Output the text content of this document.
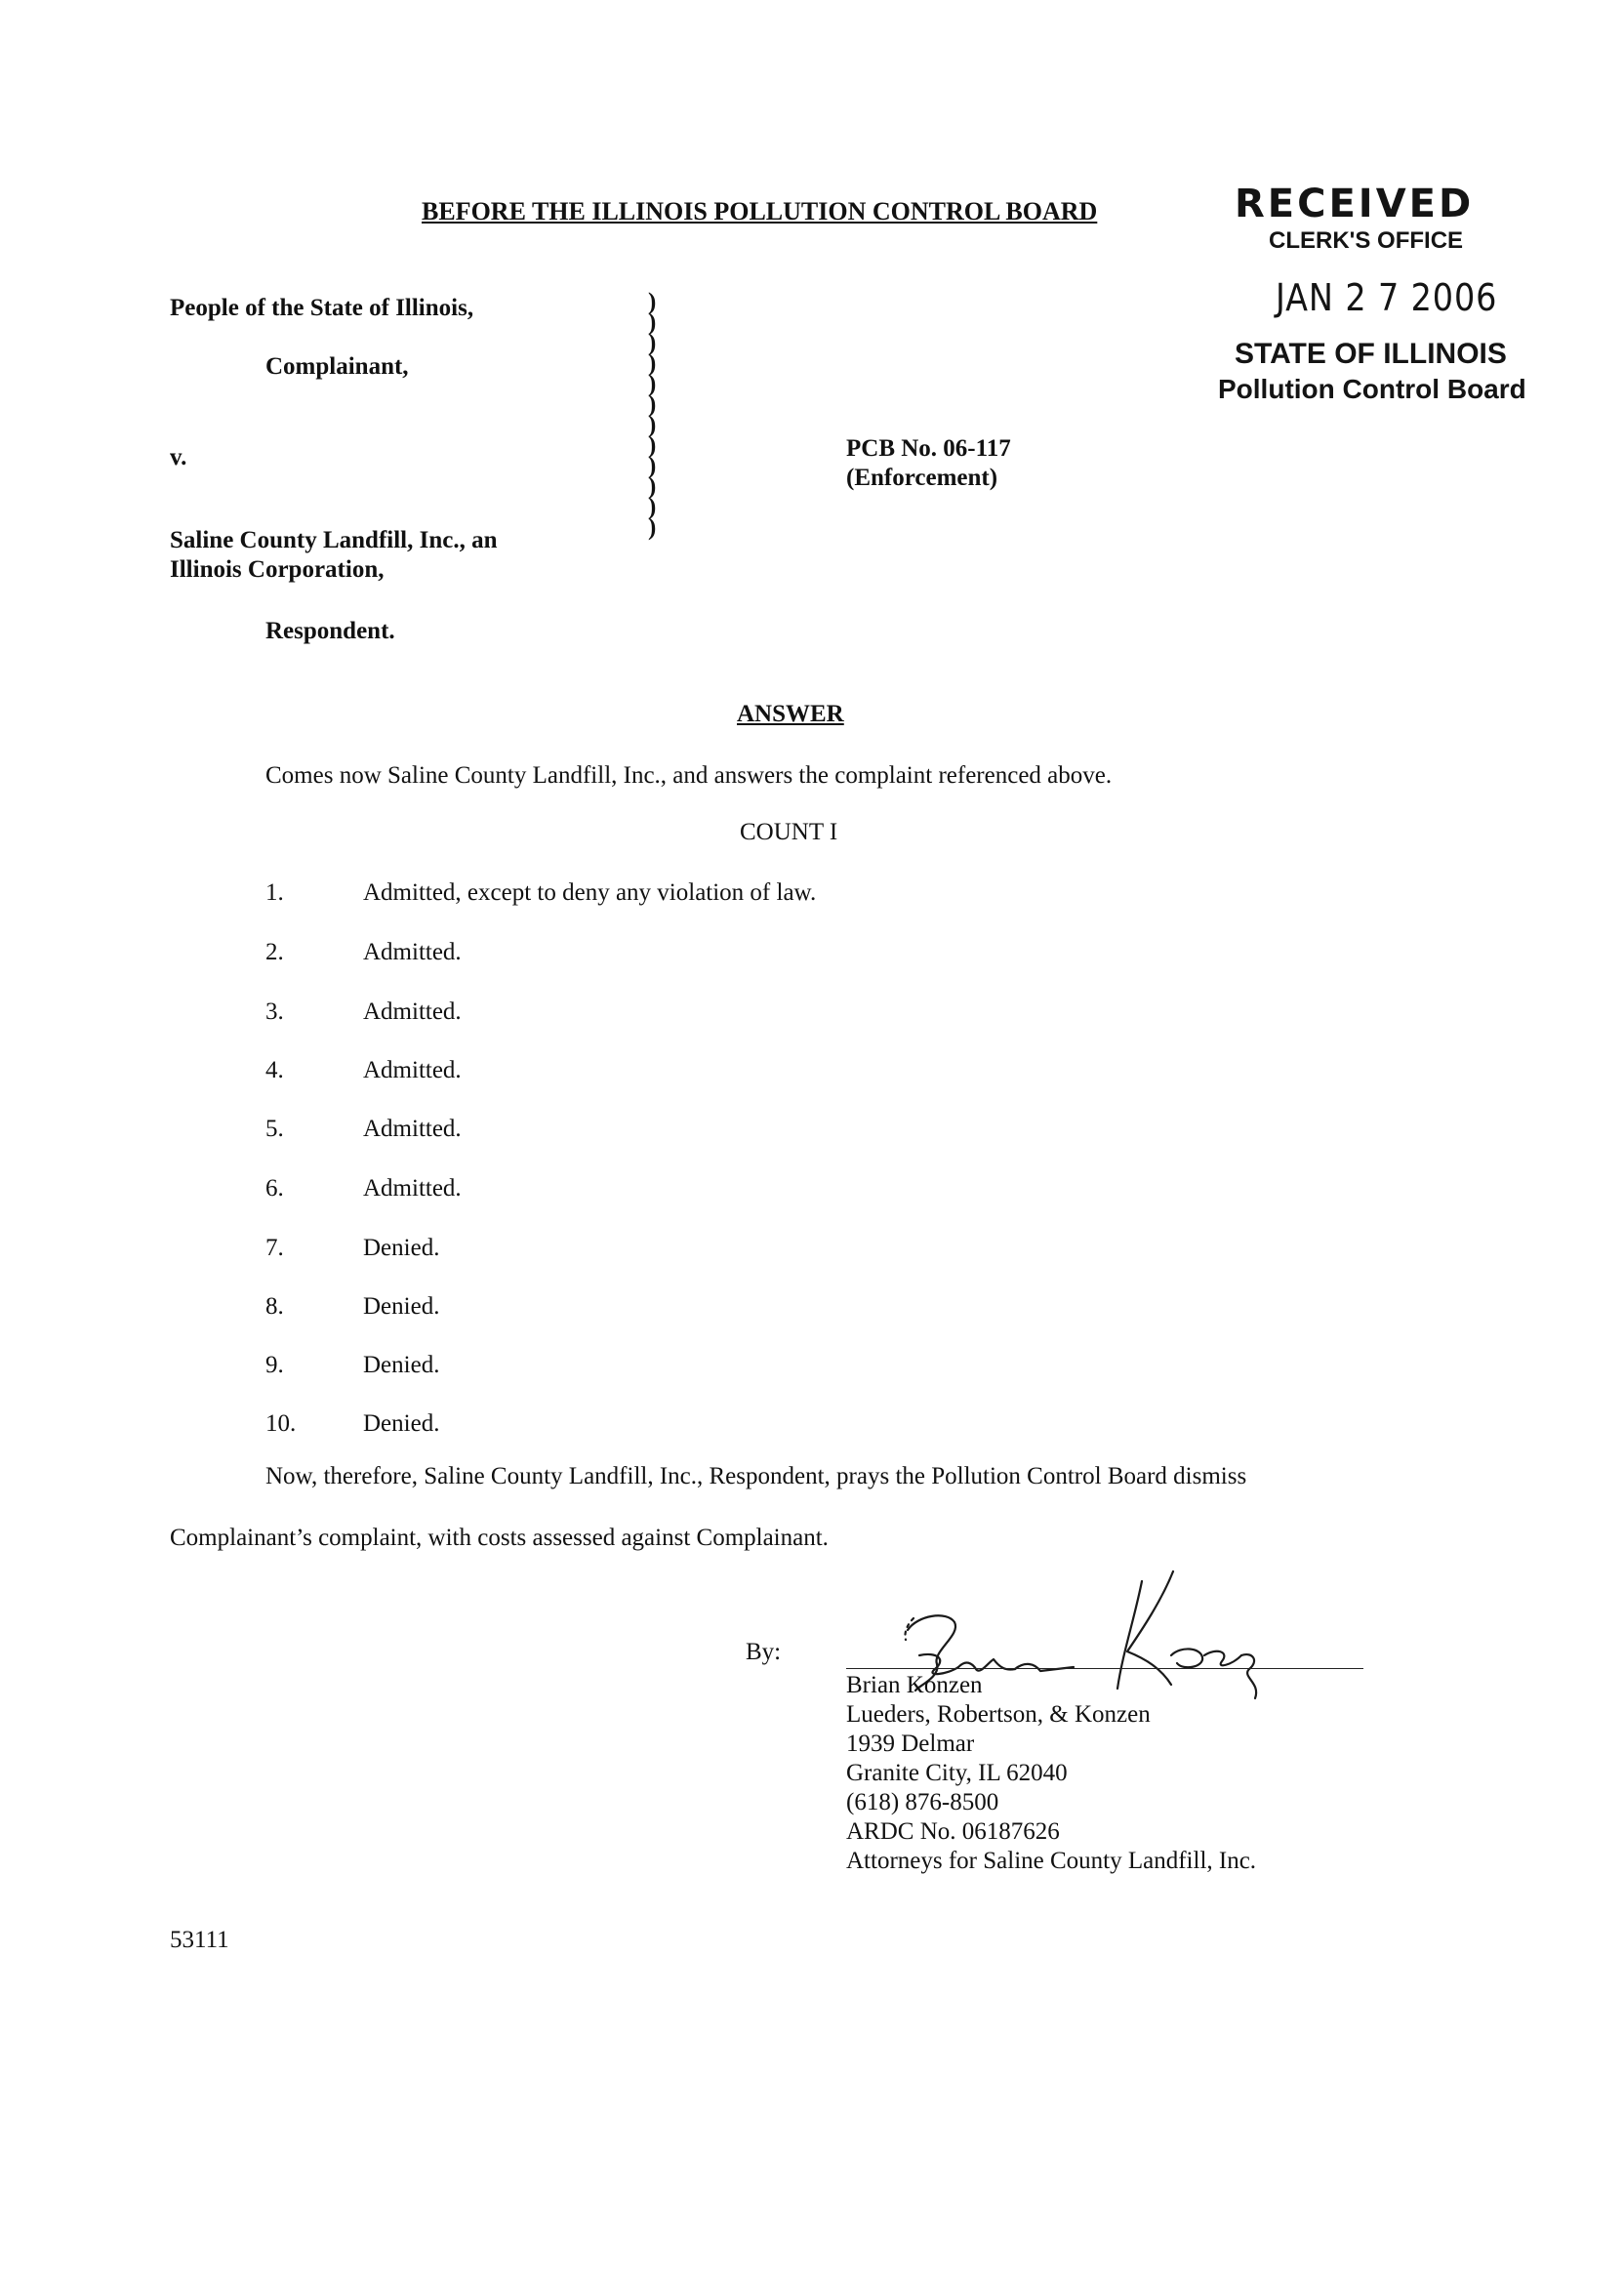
BEFORE THE ILLINOIS POLLUTION CONTROL BOARD	RECEIVED
CLERK'S OFFICE
JAN 2 7 2006
STATE OF ILLINOIS
Pollution Control Board
People of the State of Illinois,
Complainant,
v.
Saline County Landfill, Inc., an
Illinois Corporation,
Respondent.
)
)
)
)
)
)
)
)
)
)
)
)
PCB No. 06-117
(Enforcement)
ANSWER
Comes now Saline County Landfill, Inc., and answers the complaint referenced above.
COUNT I
1.	Admitted, except to deny any violation of law.
2.	Admitted.
3.	Admitted.
4.	Admitted.
5.	Admitted.
6.	Admitted.
7.	Denied.
8.	Denied.
9.	Denied.
10.	Denied.
Now, therefore, Saline County Landfill, Inc., Respondent, prays the Pollution Control Board dismiss
Complainant’s complaint, with costs assessed against Complainant.
By:
Brian Konzen
Lueders, Robertson, & Konzen
1939 Delmar
Granite City, IL 62040
(618) 876-8500
ARDC No. 06187626
Attorneys for Saline County Landfill, Inc.
53111
